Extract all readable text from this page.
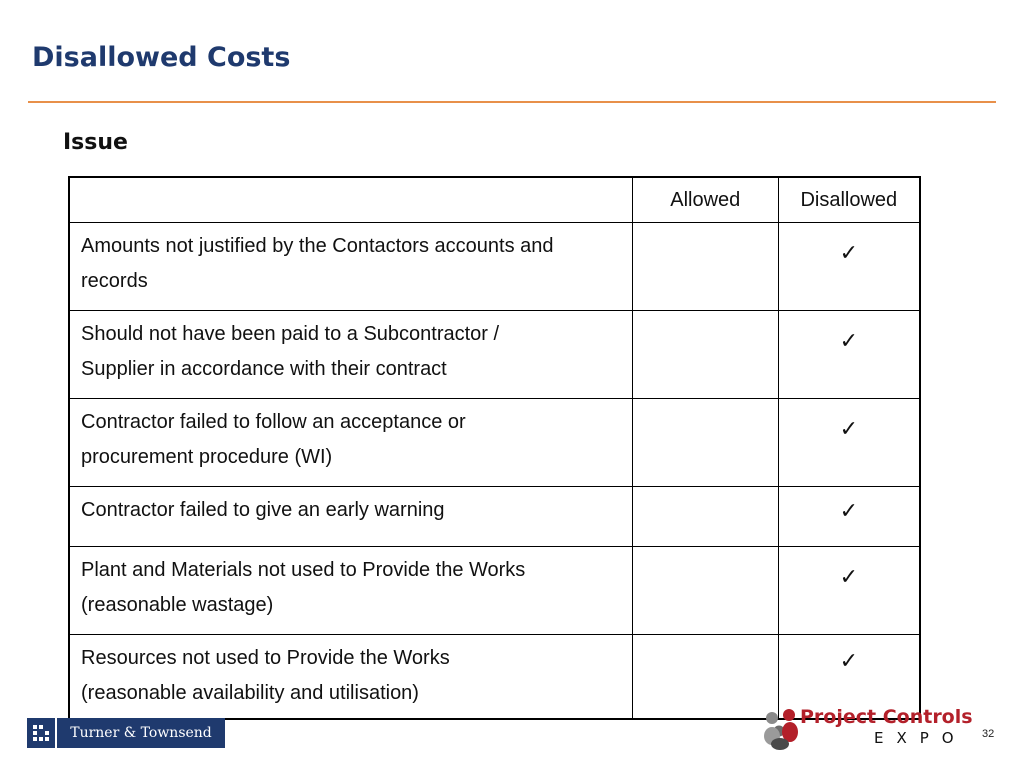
Disallowed Costs
Issue
	Allowed	Disallowed
Amounts not justified by the Contactors accounts and
records		✓
Should not have been paid to a Subcontractor /
Supplier in accordance with their contract		✓
Contractor failed to follow an acceptance or
procurement procedure (WI)		✓
Contractor failed to give an early warning		✓
Plant and Materials not used to Provide the Works
(reasonable wastage)		✓
Resources not used to Provide the Works
(reasonable availability and utilisation)		✓
Turner & Townsend
Project Controls
EXPO 32
